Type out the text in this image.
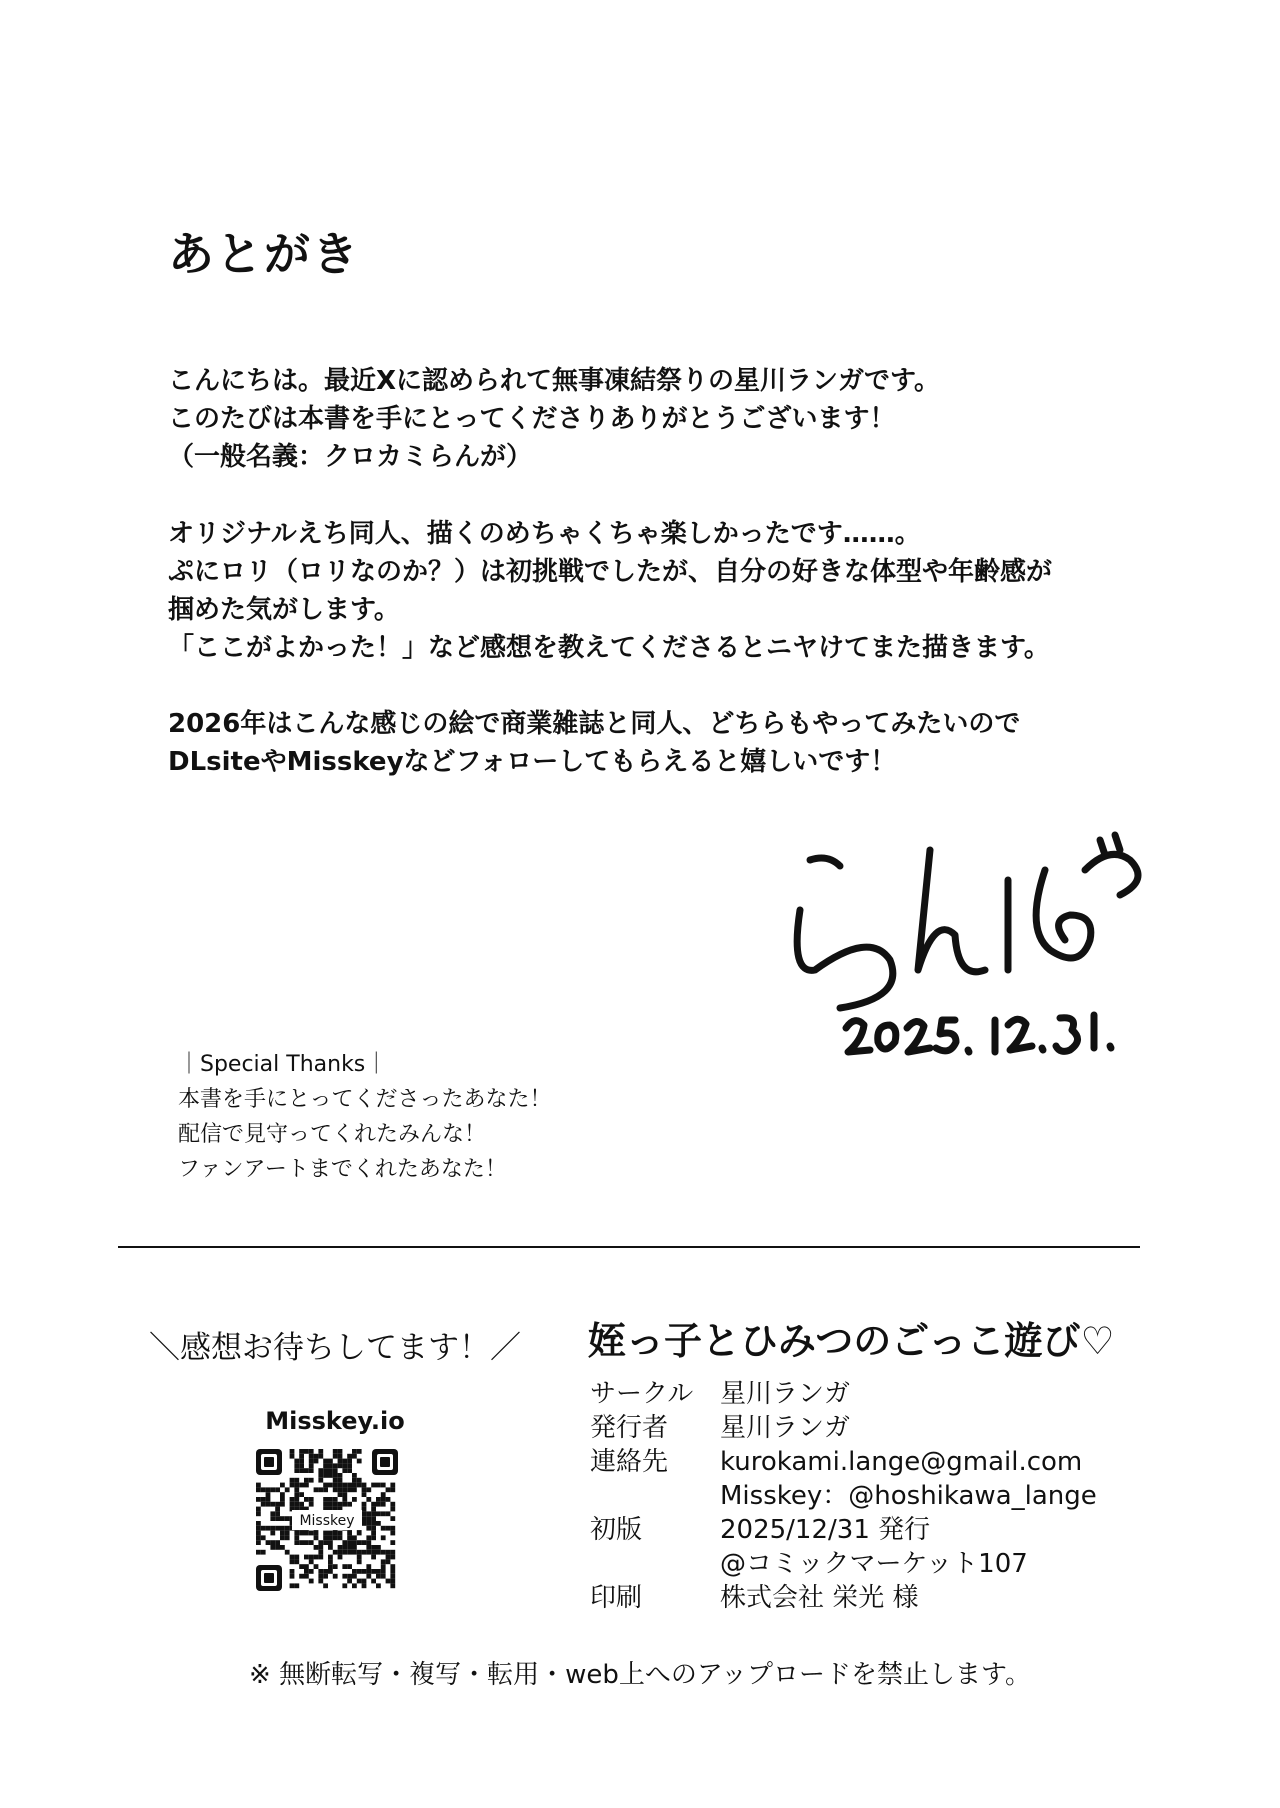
あとがき
こんにちは。最近Xに認められて無事凍結祭りの星川ランガです。
このたびは本書を手にとってくださりありがとうございます！
（一般名義：クロカミらんが）
オリジナルえち同人、描くのめちゃくちゃ楽しかったです……。
ぷにロリ（ロリなのか？）は初挑戦でしたが、自分の好きな体型や年齢感が
掴めた気がします。
「ここがよかった！」など感想を教えてくださるとニヤけてまた描きます。
2026年はこんな感じの絵で商業雑誌と同人、どちらもやってみたいので
DLsiteやMisskeyなどフォローしてもらえると嬉しいです！
｜Special Thanks｜
本書を手にとってくださったあなた！
配信で見守ってくれたみんな！
ファンアートまでくれたあなた！
＼感想お待ちしてます！／
Misskey.io
Misskey
姪っ子とひみつのごっこ遊び♡
サークル 星川ランガ
発行者 星川ランガ
連絡先 kurokami.lange@gmail.com
Misskey：@hoshikawa_lange
初版	2025/12/31 発行
@コミックマーケット107
印刷	株式会社 栄光 様
※ 無断転写・複写・転用・web上へのアップロードを禁止します。
